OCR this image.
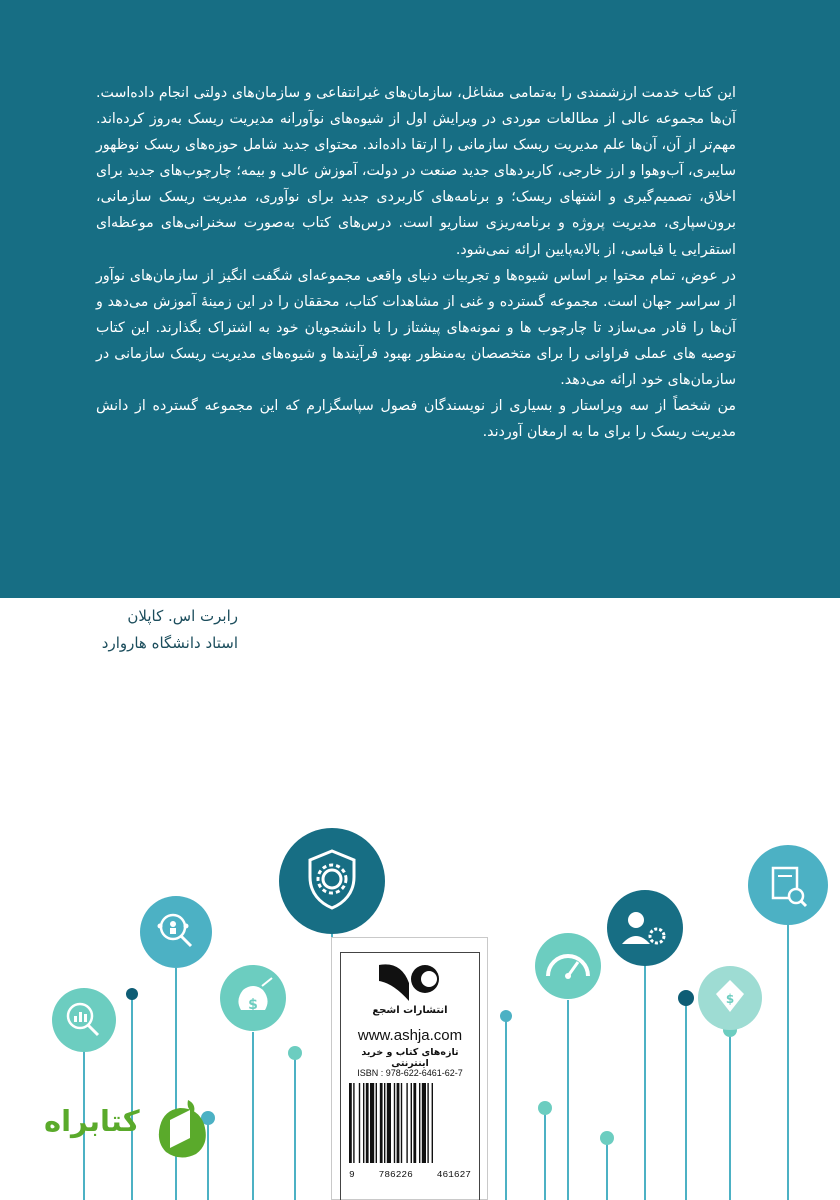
این کتاب خدمت ارزشمندی را به‌تمامی مشاغل، سازمان‌های غیرانتفاعی و سازمان‌های دولتی انجام داده‌است. آن‌ها مجموعه عالی از مطالعات موردی در ویرایش اول از شیوه‌های نوآورانه مدیریت ریسک به‌روز کرده‌اند. مهم‌تر از آن، آن‌ها علم مدیریت ریسک سازمانی را ارتقا داده‌اند. محتوای جدید شامل حوزه‌های ریسک نوظهور سایبری، آب‌وهوا و ارز خارجی، کاربردهای جدید صنعت در دولت، آموزش عالی و بیمه؛ چارچوب‌های جدید برای اخلاق، تصمیم‌گیری و اشتهای ریسک؛ و برنامه‌های کاربردی جدید برای نوآوری، مدیریت ریسک سازمانی، برون‌سپاری، مدیریت پروژه و برنامه‌ریزی سناریو است. درس‌های کتاب به‌صورت سخنرانی‌های موعظه‌ای استقرایی یا قیاسی، از بالابه‌پایین ارائه نمی‌شود.

در عوض، تمام محتوا بر اساس شیوه‌ها و تجربیات دنیای واقعی مجموعه‌ای شگفت انگیز از سازمان‌های نوآور از سراسر جهان است. مجموعه گسترده و غنی از مشاهدات کتاب، محققان را در این زمینهٔ آموزش می‌دهد و آن‌ها را قادر می‌سازد تا چارچوب ها و نمونه‌های پیشتاز را با دانشجویان خود به اشتراک بگذارند. این کتاب توصیه های عملی فراوانی را برای متخصصان به‌منظور بهبود فرآیندها و شیوه‌های مدیریت ریسک سازمانی در سازمان‌های خود ارائه می‌دهد.

من شخصاً از سه ویراستار و بسیاری از نویسندگان فصول سپاسگزارم که این مجموعه گسترده از دانش مدیریت ریسک را برای ما به ارمغان آوردند.

رابرت اس. کاپلان
استاد دانشگاه هاروارد
$	$
انتشارات اشجع
www.ashja.com
تازه‌های کتاب و خرید اینترنتی
ISBN : 978-622-6461-62-7
9	786226	461627
کتابراه
